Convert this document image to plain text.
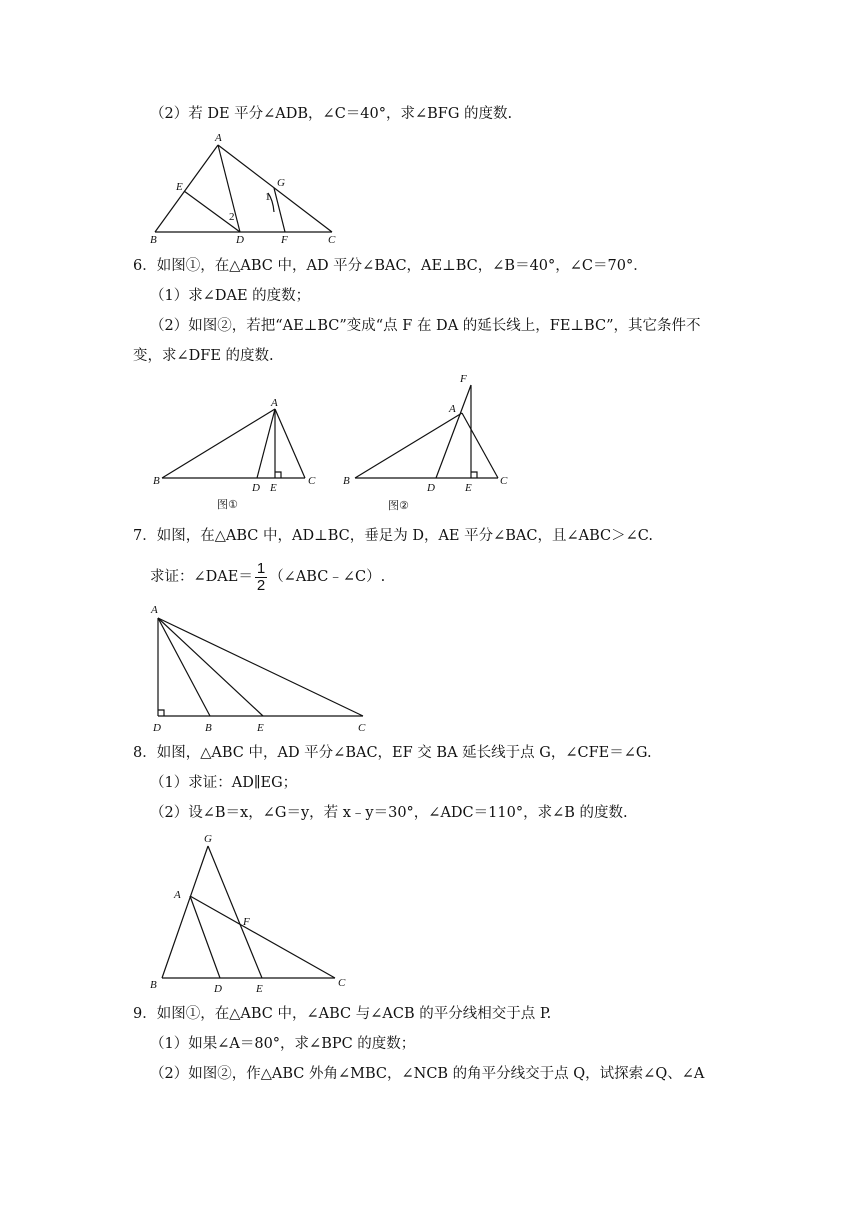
（2）若 DE 平分∠ADB，∠C＝40°，求∠BFG 的度数.
A
E	G
1
2
B	D	F	C
6．如图①，在△ABC 中，AD 平分∠BAC，AE⊥BC，∠B＝40°，∠C＝70°．
（1）求∠DAE 的度数；
（2）如图②，若把“AE⊥BC”变成“点 F 在 DA 的延长线上，FE⊥BC”，其它条件不
变，求∠DFE 的度数.
A
B
D E
C
图①
F
A
B
D	E
C
图②
7．如图，在△ABC 中，AD⊥BC，垂足为 D，AE 平分∠BAC，且∠ABC＞∠C.
求证：∠DAE＝ $\frac{1}{2}$ （∠ABC﹣∠C）.
A
D	B	E	C
8．如图，△ABC 中，AD 平分∠BAC，EF 交 BA 延长线于点 G，∠CFE＝∠G.
（1）求证：AD∥EG；
（2）设∠B＝x，∠G＝y，若 x﹣y＝30°，∠ADC＝110°，求∠B 的度数.
G
A
F
B	D	E	C
9．如图①，在△ABC 中，∠ABC 与∠ACB 的平分线相交于点 P.
（1）如果∠A＝80°，求∠BPC 的度数；
（2）如图②，作△ABC 外角∠MBC，∠NCB 的角平分线交于点 Q，试探索∠Q、∠A
